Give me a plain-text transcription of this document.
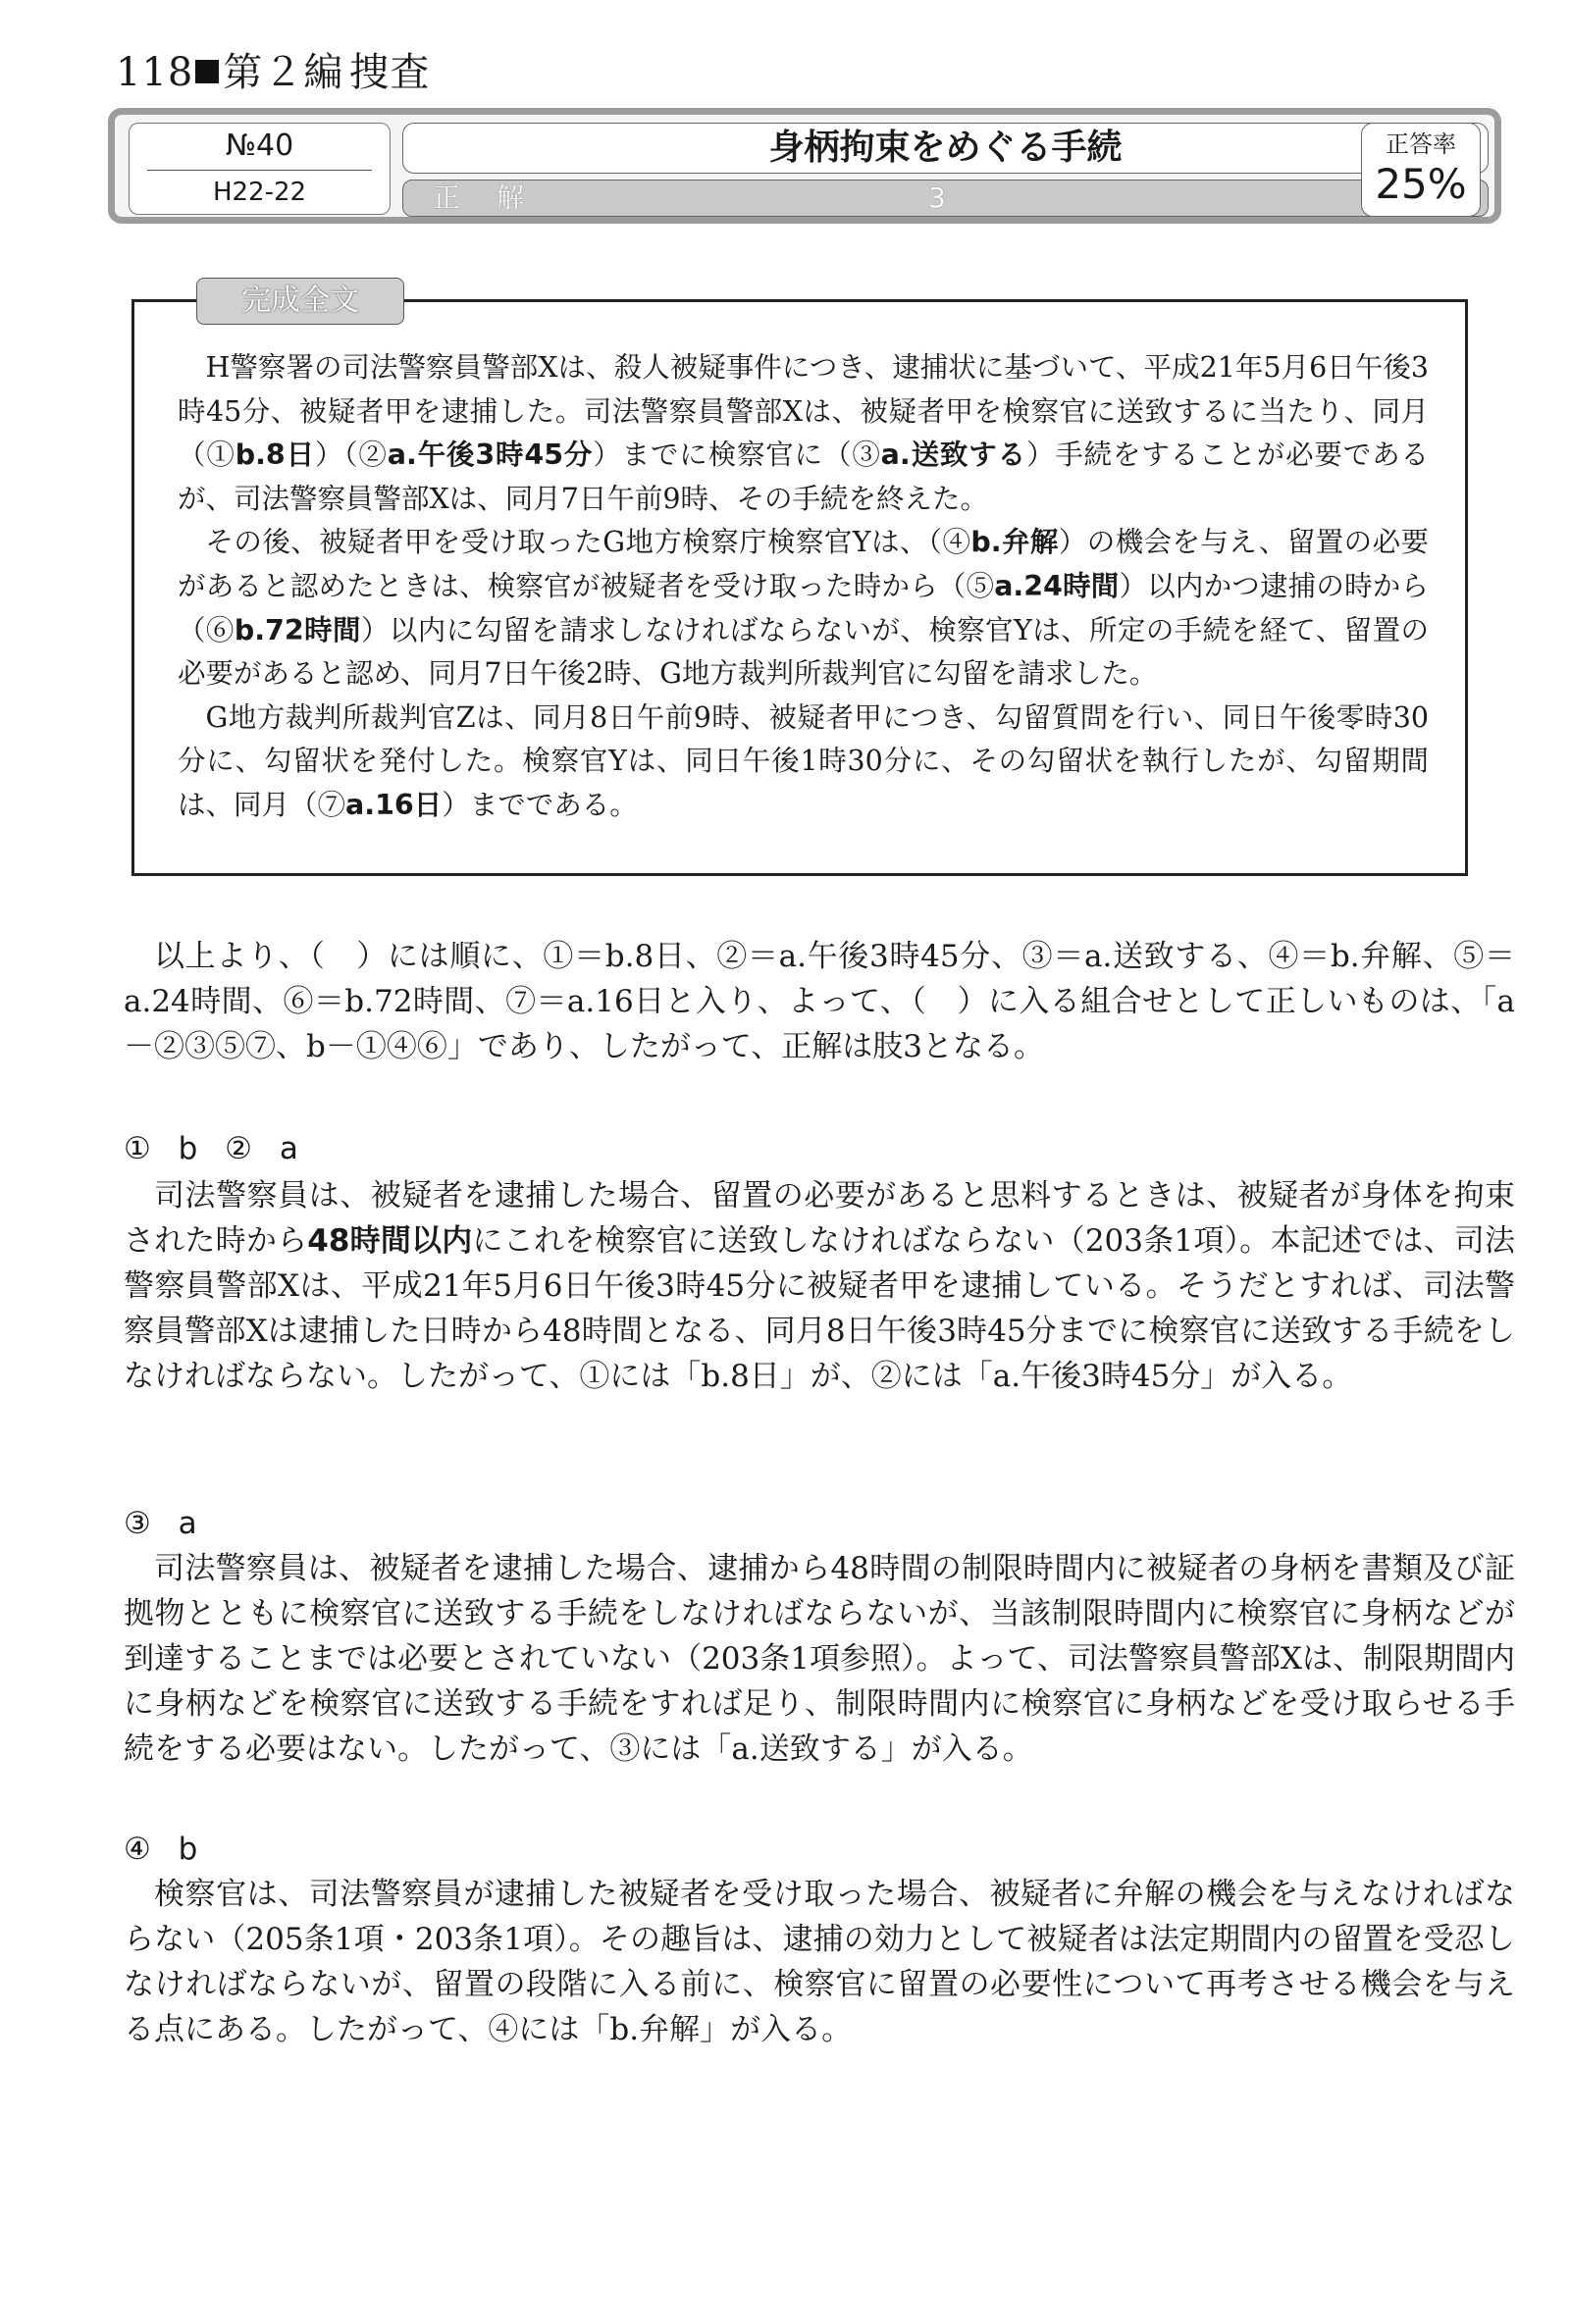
118 第２編 捜査
№40
H22-22
身柄拘束をめぐる手続
正 解	3
正答率
25%
完成全文

H警察署の司法警察員警部Xは、殺人被疑事件につき、逮捕状に基づいて、平成21年5月6日午後3時45分、被疑者甲を逮捕した。司法警察員警部Xは、被疑者甲を検察官に送致するに当たり、同月（①b.8日）（②a.午後3時45分）までに検察官に（③a.送致する）手続をすることが必要であるが、司法警察員警部Xは、同月7日午前9時、その手続を終えた。

その後、被疑者甲を受け取ったG地方検察庁検察官Yは、（④b.弁解）の機会を与え、留置の必要があると認めたときは、検察官が被疑者を受け取った時から（⑤a.24時間）以内かつ逮捕の時から（⑥b.72時間）以内に勾留を請求しなければならないが、検察官Yは、所定の手続を経て、留置の必要があると認め、同月7日午後2時、G地方裁判所裁判官に勾留を請求した。

G地方裁判所裁判官Zは、同月8日午前9時、被疑者甲につき、勾留質問を行い、同日午後零時30分に、勾留状を発付した。検察官Yは、同日午後1時30分に、その勾留状を執行したが、勾留期間は、同月（⑦a.16日）までである。

以上より、（　）には順に、①＝b.8日、②＝a.午後3時45分、③＝a.送致する、④＝b.弁解、⑤＝a.24時間、⑥＝b.72時間、⑦＝a.16日と入り、よって、（　）に入る組合せとして正しいものは、「a－②③⑤⑦、b－①④⑥」であり、したがって、正解は肢3となる。

① b ② a

司法警察員は、被疑者を逮捕した場合、留置の必要があると思料するときは、被疑者が身体を拘束された時から48時間以内にこれを検察官に送致しなければならない（203条1項）。本記述では、司法警察員警部Xは、平成21年5月6日午後3時45分に被疑者甲を逮捕している。そうだとすれば、司法警察員警部Xは逮捕した日時から48時間となる、同月8日午後3時45分までに検察官に送致する手続をしなければならない。したがって、①には「b.8日」が、②には「a.午後3時45分」が入る。

③ a

司法警察員は、被疑者を逮捕した場合、逮捕から48時間の制限時間内に被疑者の身柄を書類及び証拠物とともに検察官に送致する手続をしなければならないが、当該制限時間内に検察官に身柄などが到達することまでは必要とされていない（203条1項参照）。よって、司法警察員警部Xは、制限期間内に身柄などを検察官に送致する手続をすれば足り、制限時間内に検察官に身柄などを受け取らせる手続をする必要はない。したがって、③には「a.送致する」が入る。

④ b

検察官は、司法警察員が逮捕した被疑者を受け取った場合、被疑者に弁解の機会を与えなければならない（205条1項・203条1項）。その趣旨は、逮捕の効力として被疑者は法定期間内の留置を受忍しなければならないが、留置の段階に入る前に、検察官に留置の必要性について再考させる機会を与える点にある。したがって、④には「b.弁解」が入る。
